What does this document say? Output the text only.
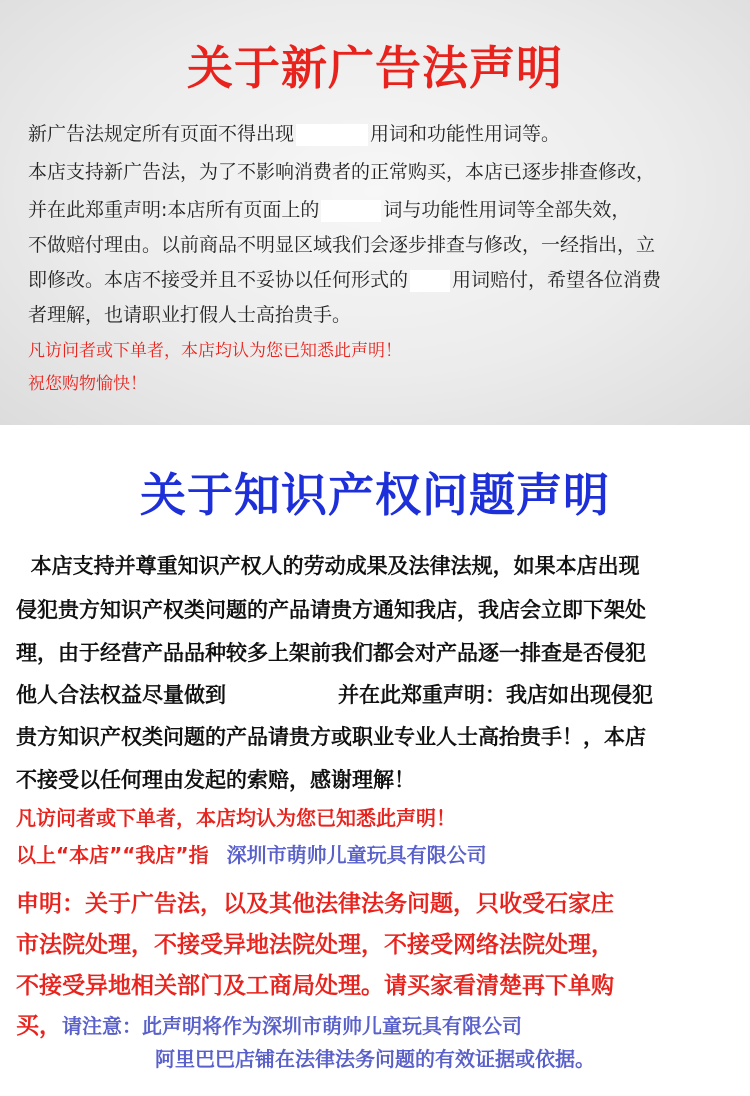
关于新广告法声明
新广告法规定所有页面不得出现	用词和功能性用词等。
本店支持新广告法，为了不影响消费者的正常购买，本店已逐步排查修改，
并在此郑重声明:本店所有页面上的	词与功能性用词等全部失效，
不做赔付理由。以前商品不明显区域我们会逐步排查与修改，一经指出，立
即修改。本店不接受并且不妥协以任何形式的 用词赔付，希望各位消费
者理解，也请职业打假人士高抬贵手。
凡访问者或下单者，本店均认为您已知悉此声明！
祝您购物愉快！
关于知识产权问题声明
本店支持并尊重知识产权人的劳动成果及法律法规，如果本店出现
侵犯贵方知识产权类问题的产品请贵方通知我店，我店会立即下架处
理，由于经营产品品种较多上架前我们都会对产品逐一排查是否侵犯
他人合法权益尽量做到	并在此郑重声明：我店如出现侵犯
贵方知识产权类问题的产品请贵方或职业专业人士高抬贵手！，本店
不接受以任何理由发起的索赔，感谢理解！
凡访问者或下单者，本店均认为您已知悉此声明！
以上“本店”“我店”指 深圳市萌帅儿童玩具有限公司
申明：关于广告法，以及其他法律法务问题，只收受石家庄
市法院处理，不接受异地法院处理，不接受网络法院处理，
不接受异地相关部门及工商局处理。请买家看清楚再下单购
买，请注意：此声明将作为深圳市萌帅儿童玩具有限公司
阿里巴巴店铺在法律法务问题的有效证据或依据。
